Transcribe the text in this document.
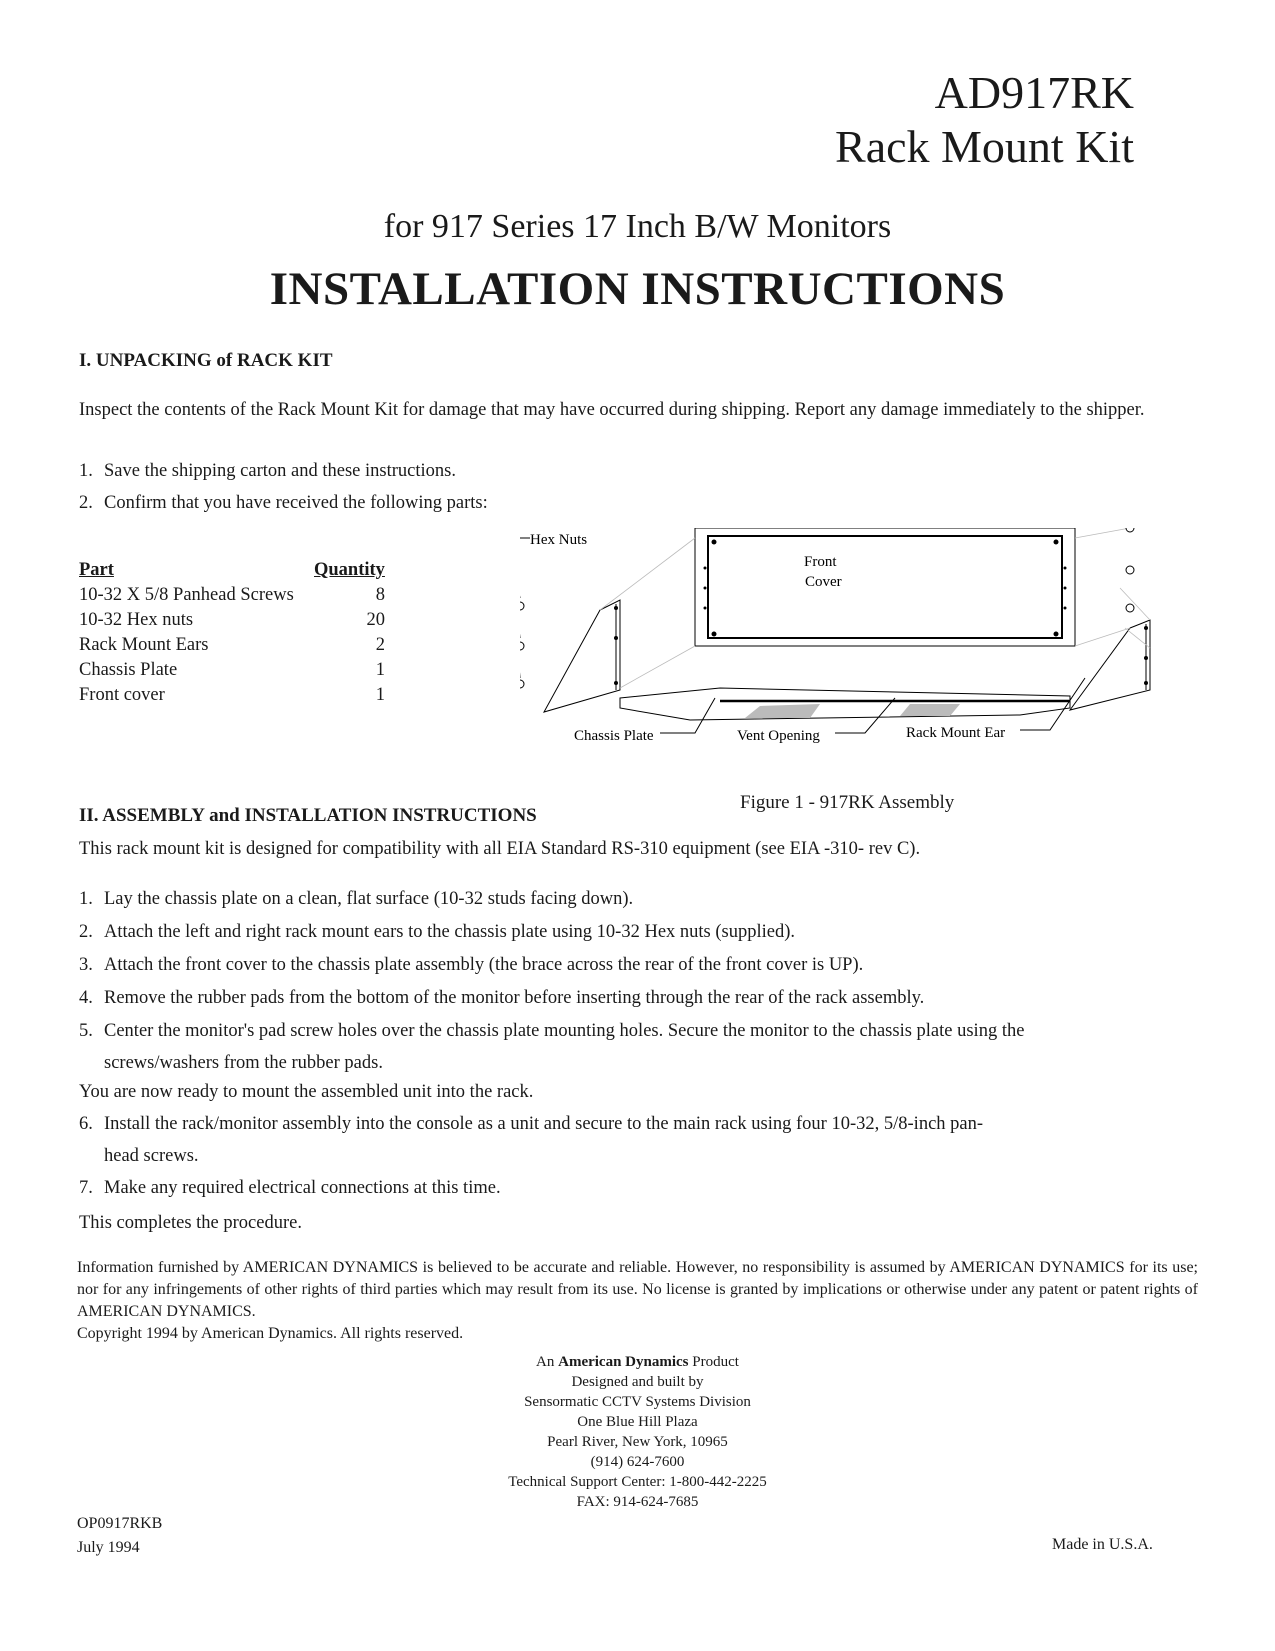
AD917RK
Rack Mount Kit
for 917 Series 17 Inch B/W Monitors
INSTALLATION INSTRUCTIONS
I. UNPACKING of RACK KIT
Inspect the contents of the Rack Mount Kit for damage that may have occurred during shipping. Report any damage immediately to the shipper.
1. Save the shipping carton and these instructions.
2. Confirm that you have received the following parts:
Part	Quantity
10-32 X 5/8 Panhead Screws	8
10-32 Hex nuts	20
Rack Mount Ears	2
Chassis Plate	1
Front cover	1
Hex Nuts
Front
Cover
Chassis Plate	Vent Opening	Rack Mount Ear
Figure 1 - 917RK Assembly
II. ASSEMBLY and INSTALLATION INSTRUCTIONS
This rack mount kit is designed for compatibility with all EIA Standard RS-310 equipment (see EIA -310- rev C).
1. Lay the chassis plate on a clean, flat surface (10-32 studs facing down).
2. Attach the left and right rack mount ears to the chassis plate using 10-32 Hex nuts (supplied).
3. Attach the front cover to the chassis plate assembly (the brace across the rear of the front cover is UP).
4. Remove the rubber pads from the bottom of the monitor before inserting through the rear of the rack assembly.
5. Center the monitor's pad screw holes over the chassis plate mounting holes. Secure the monitor to the chassis plate using the
screws/washers from the rubber pads.
You are now ready to mount the assembled unit into the rack.
6. Install the rack/monitor assembly into the console as a unit and secure to the main rack using four 10-32, 5/8-inch pan-
head screws.
7. Make any required electrical connections at this time.
This completes the procedure.
Information furnished by AMERICAN DYNAMICS is believed to be accurate and reliable. However, no responsibility is assumed by AMERICAN DYNAMICS for its use; nor for any infringements of other rights of third parties which may result from its use. No license is granted by implications or otherwise under any patent or patent rights of AMERICAN DYNAMICS.
Copyright 1994 by American Dynamics. All rights reserved.
An American Dynamics Product
Designed and built by
Sensormatic CCTV Systems Division
One Blue Hill Plaza
Pearl River, New York, 10965
(914) 624-7600
Technical Support Center: 1-800-442-2225
FAX: 914-624-7685
OP0917RKB
July 1994	Made in U.S.A.
